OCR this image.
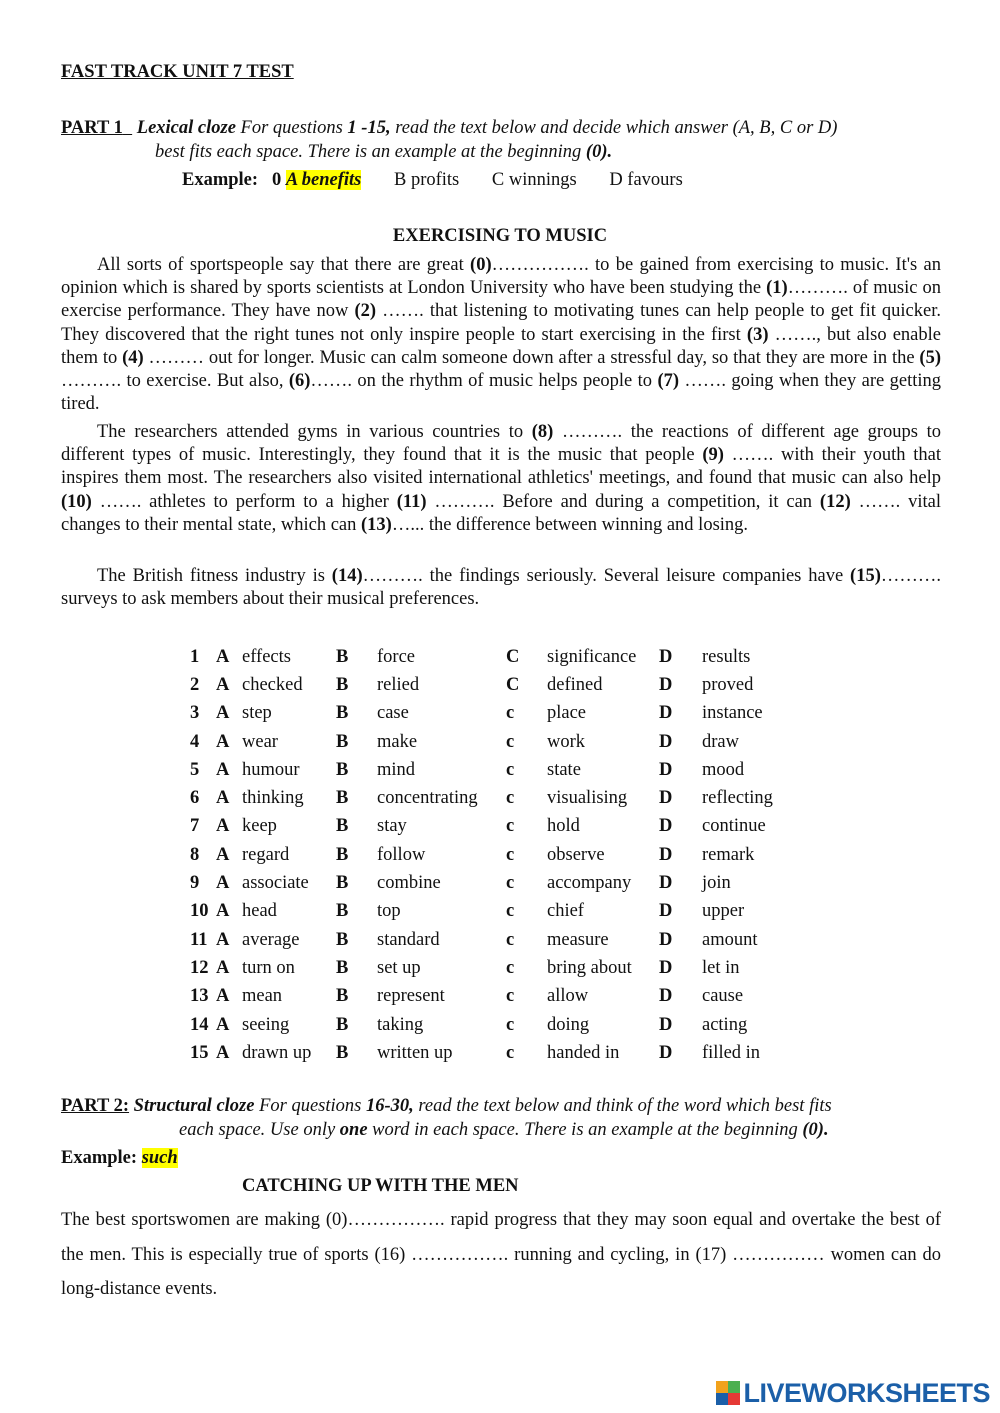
FAST TRACK UNIT 7 TEST
PART 1 Lexical cloze For questions 1 -15, read the text below and decide which answer (A, B, C or D)
best fits each space. There is an example at the beginning (0).
Example: 0 A benefits B profits C winnings D favours
EXERCISING TO MUSIC
All sorts of sportspeople say that there are great (0)……………. to be gained from exercising to music. It's an opinion which is shared by sports scientists at London University who have been studying the (1)………. of music on exercise performance. They have now (2) ……. that listening to motivating tunes can help people to get fit quicker. They discovered that the right tunes not only inspire people to start exercising in the first (3) ……., but also enable them to (4) ……… out for longer. Music can calm someone down after a stressful day, so that they are more in the (5) ………. to exercise. But also, (6)……. on the rhythm of music helps people to (7) ……. going when they are getting tired.
The researchers attended gyms in various countries to (8) ………. the reactions of different age groups to different types of music. Interestingly, they found that it is the music that people (9) ……. with their youth that inspires them most. The researchers also visited international athletics' meetings, and found that music can also help (10) ……. athletes to perform to a higher (11) ………. Before and during a competition, it can (12) ……. vital changes to their mental state, which can (13)…... the difference between winning and losing.
The British fitness industry is (14)………. the findings seriously. Several leisure companies have (15)………. surveys to ask members about their musical preferences.
1	A	effects	B	force	C	significance	D	results
2	A	checked	B	relied	C	defined	D	proved
3	A	step	B	case	c	place	D	instance
4	A	wear	B	make	c	work	D	draw
5	A	humour	B	mind	c	state	D	mood
6	A	thinking	B	concentrating	c	visualising	D	reflecting
7	A	keep	B	stay	c	hold	D	continue
8	A	regard	B	follow	c	observe	D	remark
9	A	associate	B	combine	c	accompany	D	join
10	A	head	B	top	c	chief	D	upper
11	A	average	B	standard	c	measure	D	amount
12	A	turn on	B	set up	c	bring about	D	let in
13	A	mean	B	represent	c	allow	D	cause
14	A	seeing	B	taking	c	doing	D	acting
15	A	drawn up	B	written up	c	handed in	D	filled in
PART 2: Structural cloze For questions 16-30, read the text below and think of the word which best fits
each space. Use only one word in each space. There is an example at the beginning (0).
Example: such
CATCHING UP WITH THE MEN
The best sportswomen are making (0)……………. rapid progress that they may soon equal and overtake the best of the men. This is especially true of sports (16) ……………. running and cycling, in (17) …………… women can do long-distance events.
LIVEWORKSHEETS
